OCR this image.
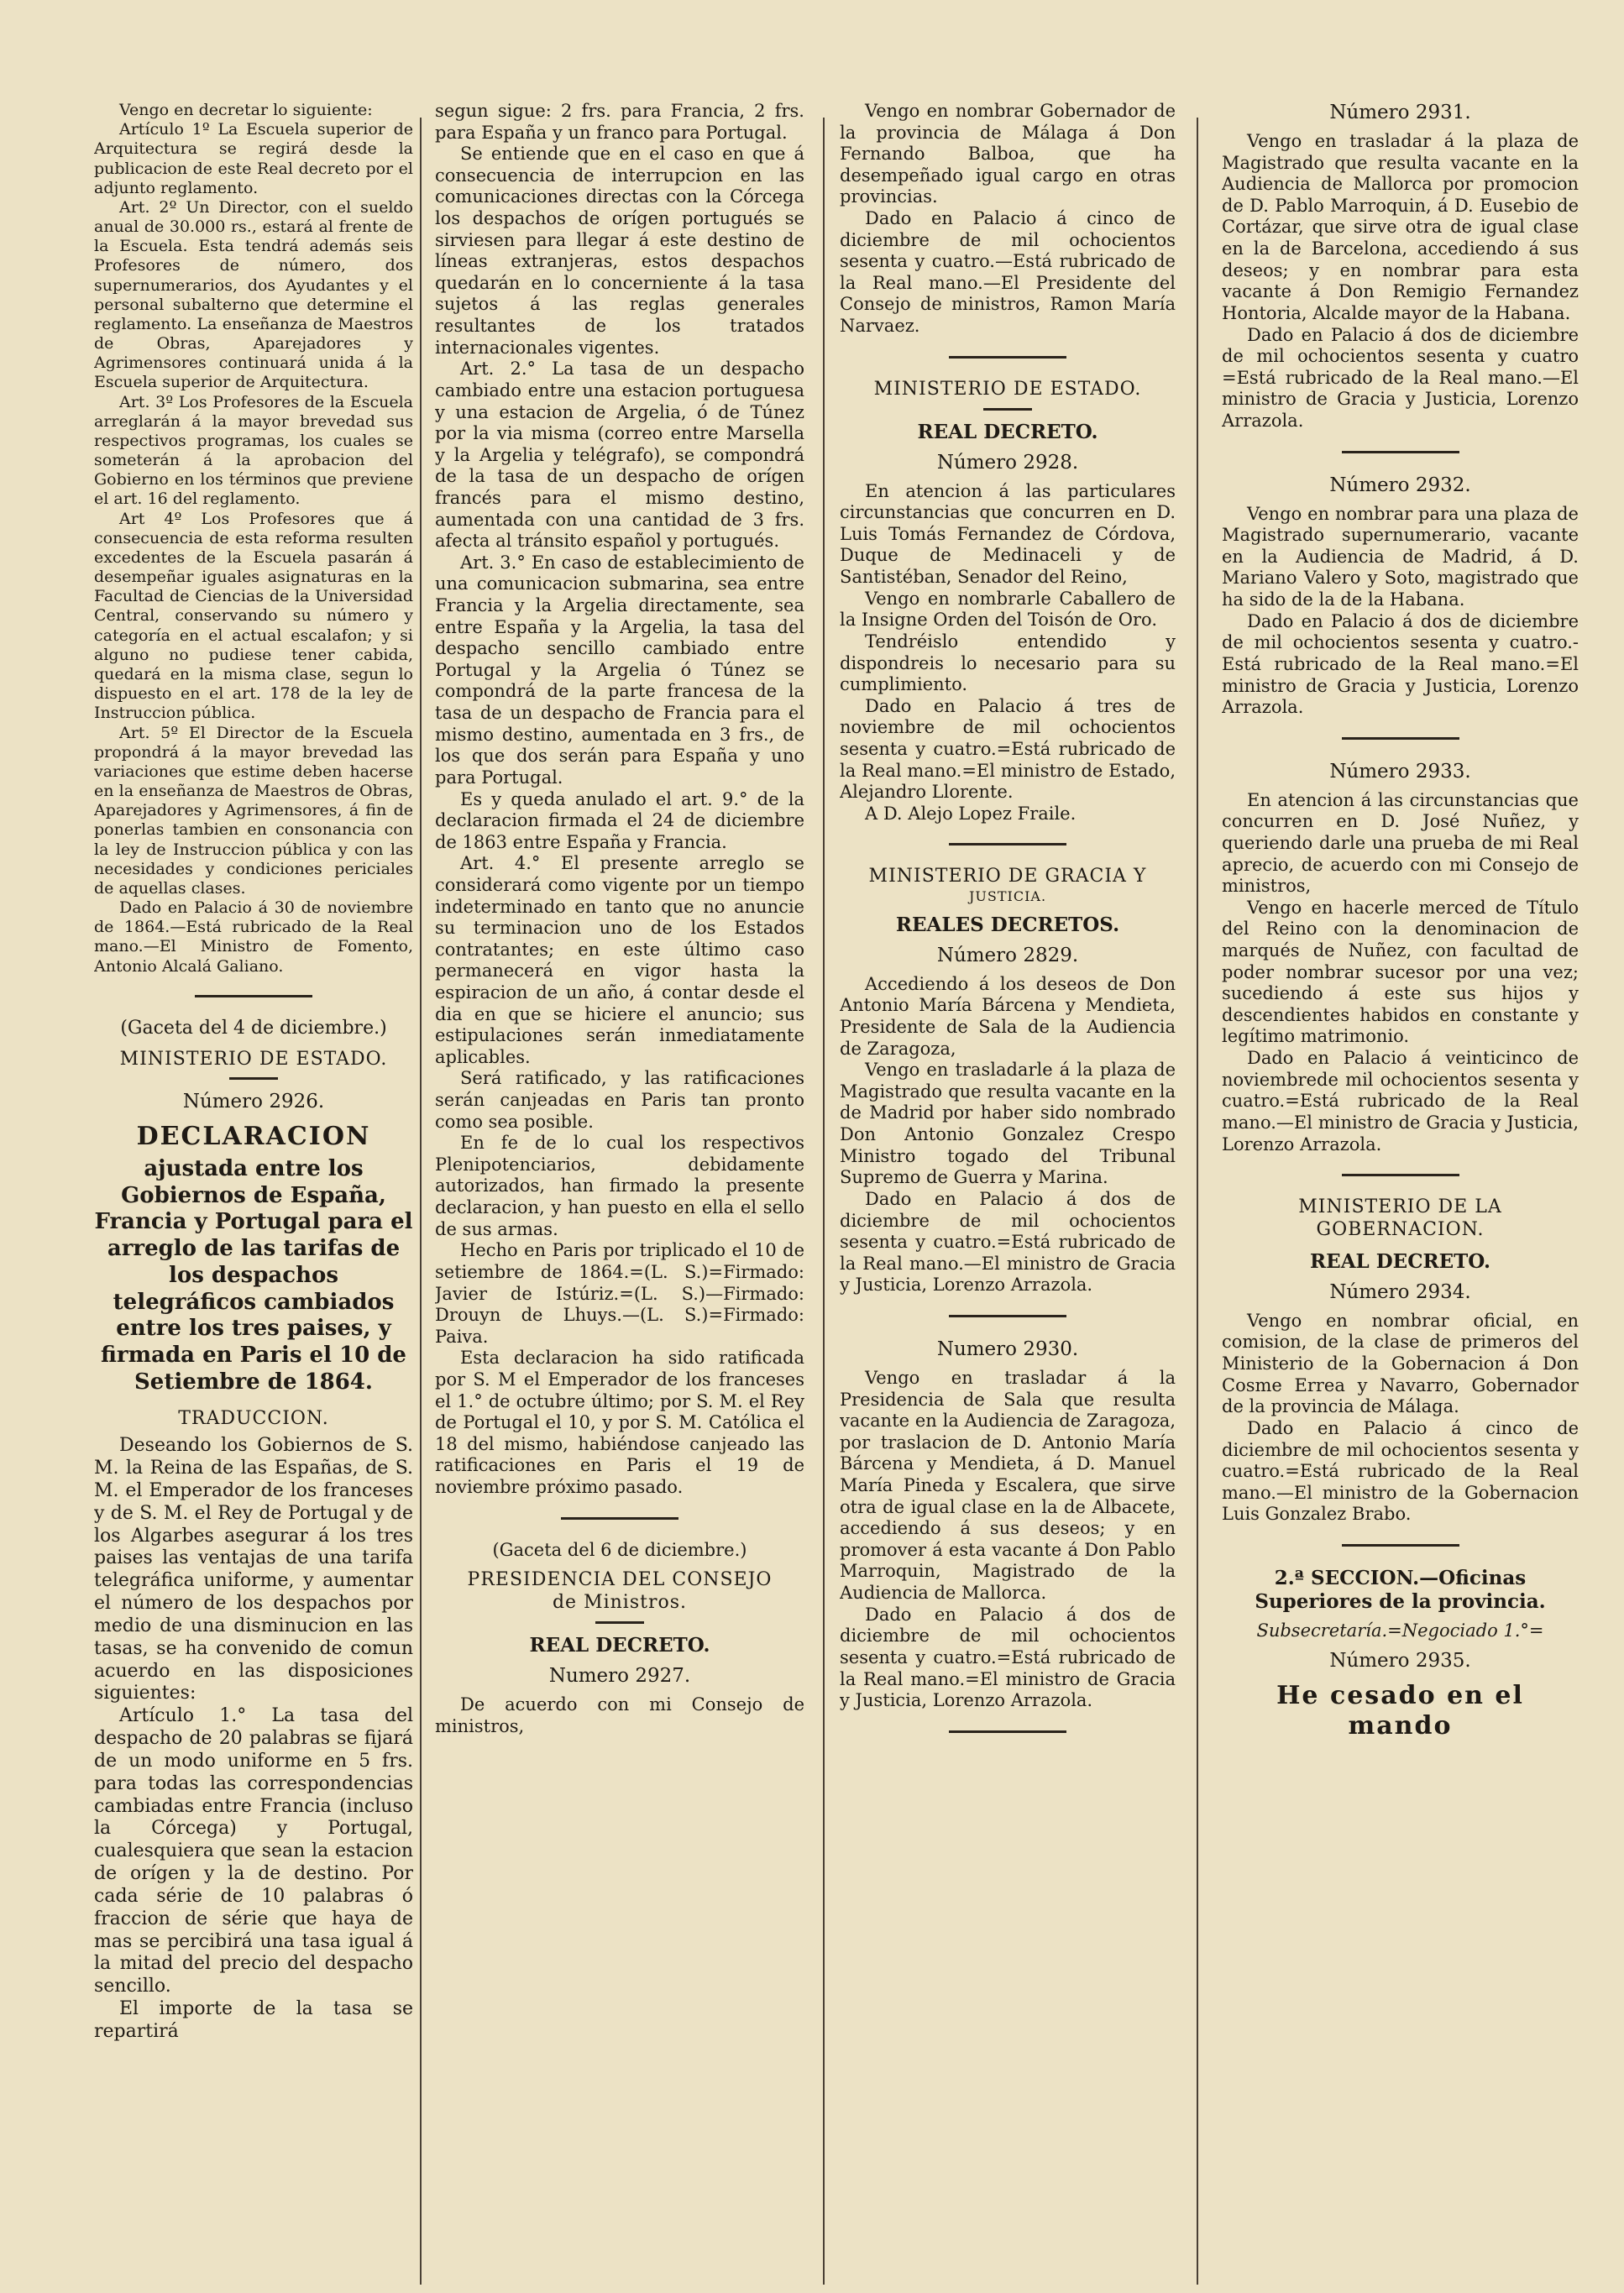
Vengo en decretar lo siguiente:

Artículo 1º La Escuela superior de Arquitectura se regirá desde la publicacion de este Real decreto por el adjunto reglamento.

Art. 2º Un Director, con el sueldo anual de 30.000 rs., estará al frente de la Escuela. Esta tendrá además seis Profesores de número, dos supernumerarios, dos Ayudantes y el personal subalterno que determine el reglamento. La enseñanza de Maestros de Obras, Aparejadores y Agrimensores continuará unida á la Escuela superior de Arquitectura.

Art. 3º Los Profesores de la Escuela arreglarán á la mayor brevedad sus respectivos programas, los cuales se someterán á la aprobacion del Gobierno en los términos que previene el art. 16 del reglamento.

Art 4º Los Profesores que á consecuencia de esta reforma resulten excedentes de la Escuela pasarán á desempeñar iguales asignaturas en la Facultad de Ciencias de la Universidad Central, conservando su número y categoría en el actual escalafon; y si alguno no pudiese tener cabida, quedará en la misma clase, segun lo dispuesto en el art. 178 de la ley de Instruccion pública.

Art. 5º El Director de la Escuela propondrá á la mayor brevedad las variaciones que estime deben hacerse en la enseñanza de Maestros de Obras, Aparejadores y Agrimensores, á fin de ponerlas tambien en consonancia con la ley de Instruccion pública y con las necesidades y condiciones periciales de aquellas clases.

Dado en Palacio á 30 de noviembre de 1864.—Está rubricado de la Real mano.—El Ministro de Fomento, Antonio Alcalá Galiano.

(Gaceta del 4 de diciembre.)

MINISTERIO DE ESTADO.
Número 2926.
DECLARACION
ajustada entre los Gobiernos de España, Francia y Portugal para el arreglo de las tarifas de los despachos telegráficos cambiados entre los tres paises, y firmada en Paris el 10 de Setiembre de 1864.
TRADUCCION.

Deseando los Gobiernos de S. M. la Reina de las Españas, de S. M. el Emperador de los franceses y de S. M. el Rey de Portugal y de los Algarbes asegurar á los tres paises las ventajas de una tarifa telegráfica uniforme, y aumentar el número de los despachos por medio de una disminucion en las tasas, se ha convenido de comun acuerdo en las disposiciones siguientes:

Artículo 1.° La tasa del despacho de 20 palabras se fijará de un modo uniforme en 5 frs. para todas las correspondencias cambiadas entre Francia (incluso la Córcega) y Portugal, cualesquiera que sean la estacion de orígen y la de destino. Por cada série de 10 palabras ó fraccion de série que haya de mas se percibirá una tasa igual á la mitad del precio del despacho sencillo.

El importe de la tasa se repartirá

segun sigue: 2 frs. para Francia, 2 frs. para España y un franco para Portugal.

Se entiende que en el caso en que á consecuencia de interrupcion en las comunicaciones directas con la Córcega los despachos de orígen portugués se sirviesen para llegar á este destino de líneas extranjeras, estos despachos quedarán en lo concerniente á la tasa sujetos á las reglas generales resultantes de los tratados internacionales vigentes.

Art. 2.° La tasa de un despacho cambiado entre una estacion portuguesa y una estacion de Argelia, ó de Túnez por la via misma (correo entre Marsella y la Argelia y telégrafo), se compondrá de la tasa de un despacho de orígen francés para el mismo destino, aumentada con una cantidad de 3 frs. afecta al tránsito español y portugués.

Art. 3.° En caso de establecimiento de una comunicacion submarina, sea entre Francia y la Argelia directamente, sea entre España y la Argelia, la tasa del despacho sencillo cambiado entre Portugal y la Argelia ó Túnez se compondrá de la parte francesa de la tasa de un despacho de Francia para el mismo destino, aumentada en 3 frs., de los que dos serán para España y uno para Portugal.

Es y queda anulado el art. 9.° de la declaracion firmada el 24 de diciembre de 1863 entre España y Francia.

Art. 4.° El presente arreglo se considerará como vigente por un tiempo indeterminado en tanto que no anuncie su terminacion uno de los Estados contratantes; en este último caso permanecerá en vigor hasta la espiracion de un año, á contar desde el dia en que se hiciere el anuncio; sus estipulaciones serán inmediatamente aplicables.

Será ratificado, y las ratificaciones serán canjeadas en Paris tan pronto como sea posible.

En fe de lo cual los respectivos Plenipotenciarios, debidamente autorizados, han firmado la presente declaracion, y han puesto en ella el sello de sus armas.

Hecho en Paris por triplicado el 10 de setiembre de 1864.=(L. S.)=Firmado: Javier de Istúriz.=(L. S.)—Firmado: Drouyn de Lhuys.—(L. S.)=Firmado: Paiva.

Esta declaracion ha sido ratificada por S. M el Emperador de los franceses el 1.° de octubre último; por S. M. el Rey de Portugal el 10, y por S. M. Católica el 18 del mismo, habiéndose canjeado las ratificaciones en Paris el 19 de noviembre próximo pasado.

(Gaceta del 6 de diciembre.)

PRESIDENCIA DEL CONSEJO
de Ministros.
REAL DECRETO.
Numero 2927.

De acuerdo con mi Consejo de ministros,

Vengo en nombrar Gobernador de la provincia de Málaga á Don Fernando Balboa, que ha desempeñado igual cargo en otras provincias.

Dado en Palacio á cinco de diciembre de mil ochocientos sesenta y cuatro.—Está rubricado de la Real mano.—El Presidente del Consejo de ministros, Ramon María Narvaez.

MINISTERIO DE ESTADO.
REAL DECRETO.
Número 2928.

En atencion á las particulares circunstancias que concurren en D. Luis Tomás Fernandez de Córdova, Duque de Medinaceli y de Santistéban, Senador del Reino,

Vengo en nombrarle Caballero de la Insigne Orden del Toisón de Oro.

Tendréislo entendido y dispondreis lo necesario para su cumplimiento.

Dado en Palacio á tres de noviembre de mil ochocientos sesenta y cuatro.=Está rubricado de la Real mano.=El ministro de Estado, Alejandro Llorente.

A D. Alejo Lopez Fraile.

MINISTERIO DE GRACIA Y
JUSTICIA.
REALES DECRETOS.
Número 2829.

Accediendo á los deseos de Don Antonio María Bárcena y Mendieta, Presidente de Sala de la Audiencia de Zaragoza,

Vengo en trasladarle á la plaza de Magistrado que resulta vacante en la de Madrid por haber sido nombrado Don Antonio Gonzalez Crespo Ministro togado del Tribunal Supremo de Guerra y Marina.

Dado en Palacio á dos de diciembre de mil ochocientos sesenta y cuatro.=Está rubricado de la Real mano.—El ministro de Gracia y Justicia, Lorenzo Arrazola.

Numero 2930.

Vengo en trasladar á la Presidencia de Sala que resulta vacante en la Audiencia de Zaragoza, por traslacion de D. Antonio María Bárcena y Mendieta, á D. Manuel María Pineda y Escalera, que sirve otra de igual clase en la de Albacete, accediendo á sus deseos; y en promover á esta vacante á Don Pablo Marroquin, Magistrado de la Audiencia de Mallorca.

Dado en Palacio á dos de diciembre de mil ochocientos sesenta y cuatro.=Está rubricado de la Real mano.=El ministro de Gracia y Justicia, Lorenzo Arrazola.

Número 2931.

Vengo en trasladar á la plaza de Magistrado que resulta vacante en la Audiencia de Mallorca por promocion de D. Pablo Marroquin, á D. Eusebio de Cortázar, que sirve otra de igual clase en la de Barcelona, accediendo á sus deseos; y en nombrar para esta vacante á Don Remigio Fernandez Hontoria, Alcalde mayor de la Habana.

Dado en Palacio á dos de diciembre de mil ochocientos sesenta y cuatro =Está rubricado de la Real mano.—El ministro de Gracia y Justicia, Lorenzo Arrazola.

Número 2932.

Vengo en nombrar para una plaza de Magistrado supernumerario, vacante en la Audiencia de Madrid, á D. Mariano Valero y Soto, magistrado que ha sido de la de la Habana.

Dado en Palacio á dos de diciembre de mil ochocientos sesenta y cuatro.-Está rubricado de la Real mano.=El ministro de Gracia y Justicia, Lorenzo Arrazola.

Número 2933.

En atencion á las circunstancias que concurren en D. José Nuñez, y queriendo darle una prueba de mi Real aprecio, de acuerdo con mi Consejo de ministros,

Vengo en hacerle merced de Título del Reino con la denominacion de marqués de Nuñez, con facultad de poder nombrar sucesor por una vez; sucediendo á este sus hijos y descendientes habidos en constante y legítimo matrimonio.

Dado en Palacio á veinticinco de noviembrede mil ochocientos sesenta y cuatro.=Está rubricado de la Real mano.—El ministro de Gracia y Justicia, Lorenzo Arrazola.

MINISTERIO DE LA GOBERNACION.
REAL DECRETO.
Número 2934.

Vengo en nombrar oficial, en comision, de la clase de primeros del Ministerio de la Gobernacion á Don Cosme Errea y Navarro, Gobernador de la provincia de Málaga.

Dado en Palacio á cinco de diciembre de mil ochocientos sesenta y cuatro.=Está rubricado de la Real mano.—El ministro de la Gobernacion Luis Gonzalez Brabo.

2.ª SECCION.—Oficinas Superiores de la provincia.

Subsecretaría.=Negociado 1.°=

Número 2935.
He cesado en el mando
